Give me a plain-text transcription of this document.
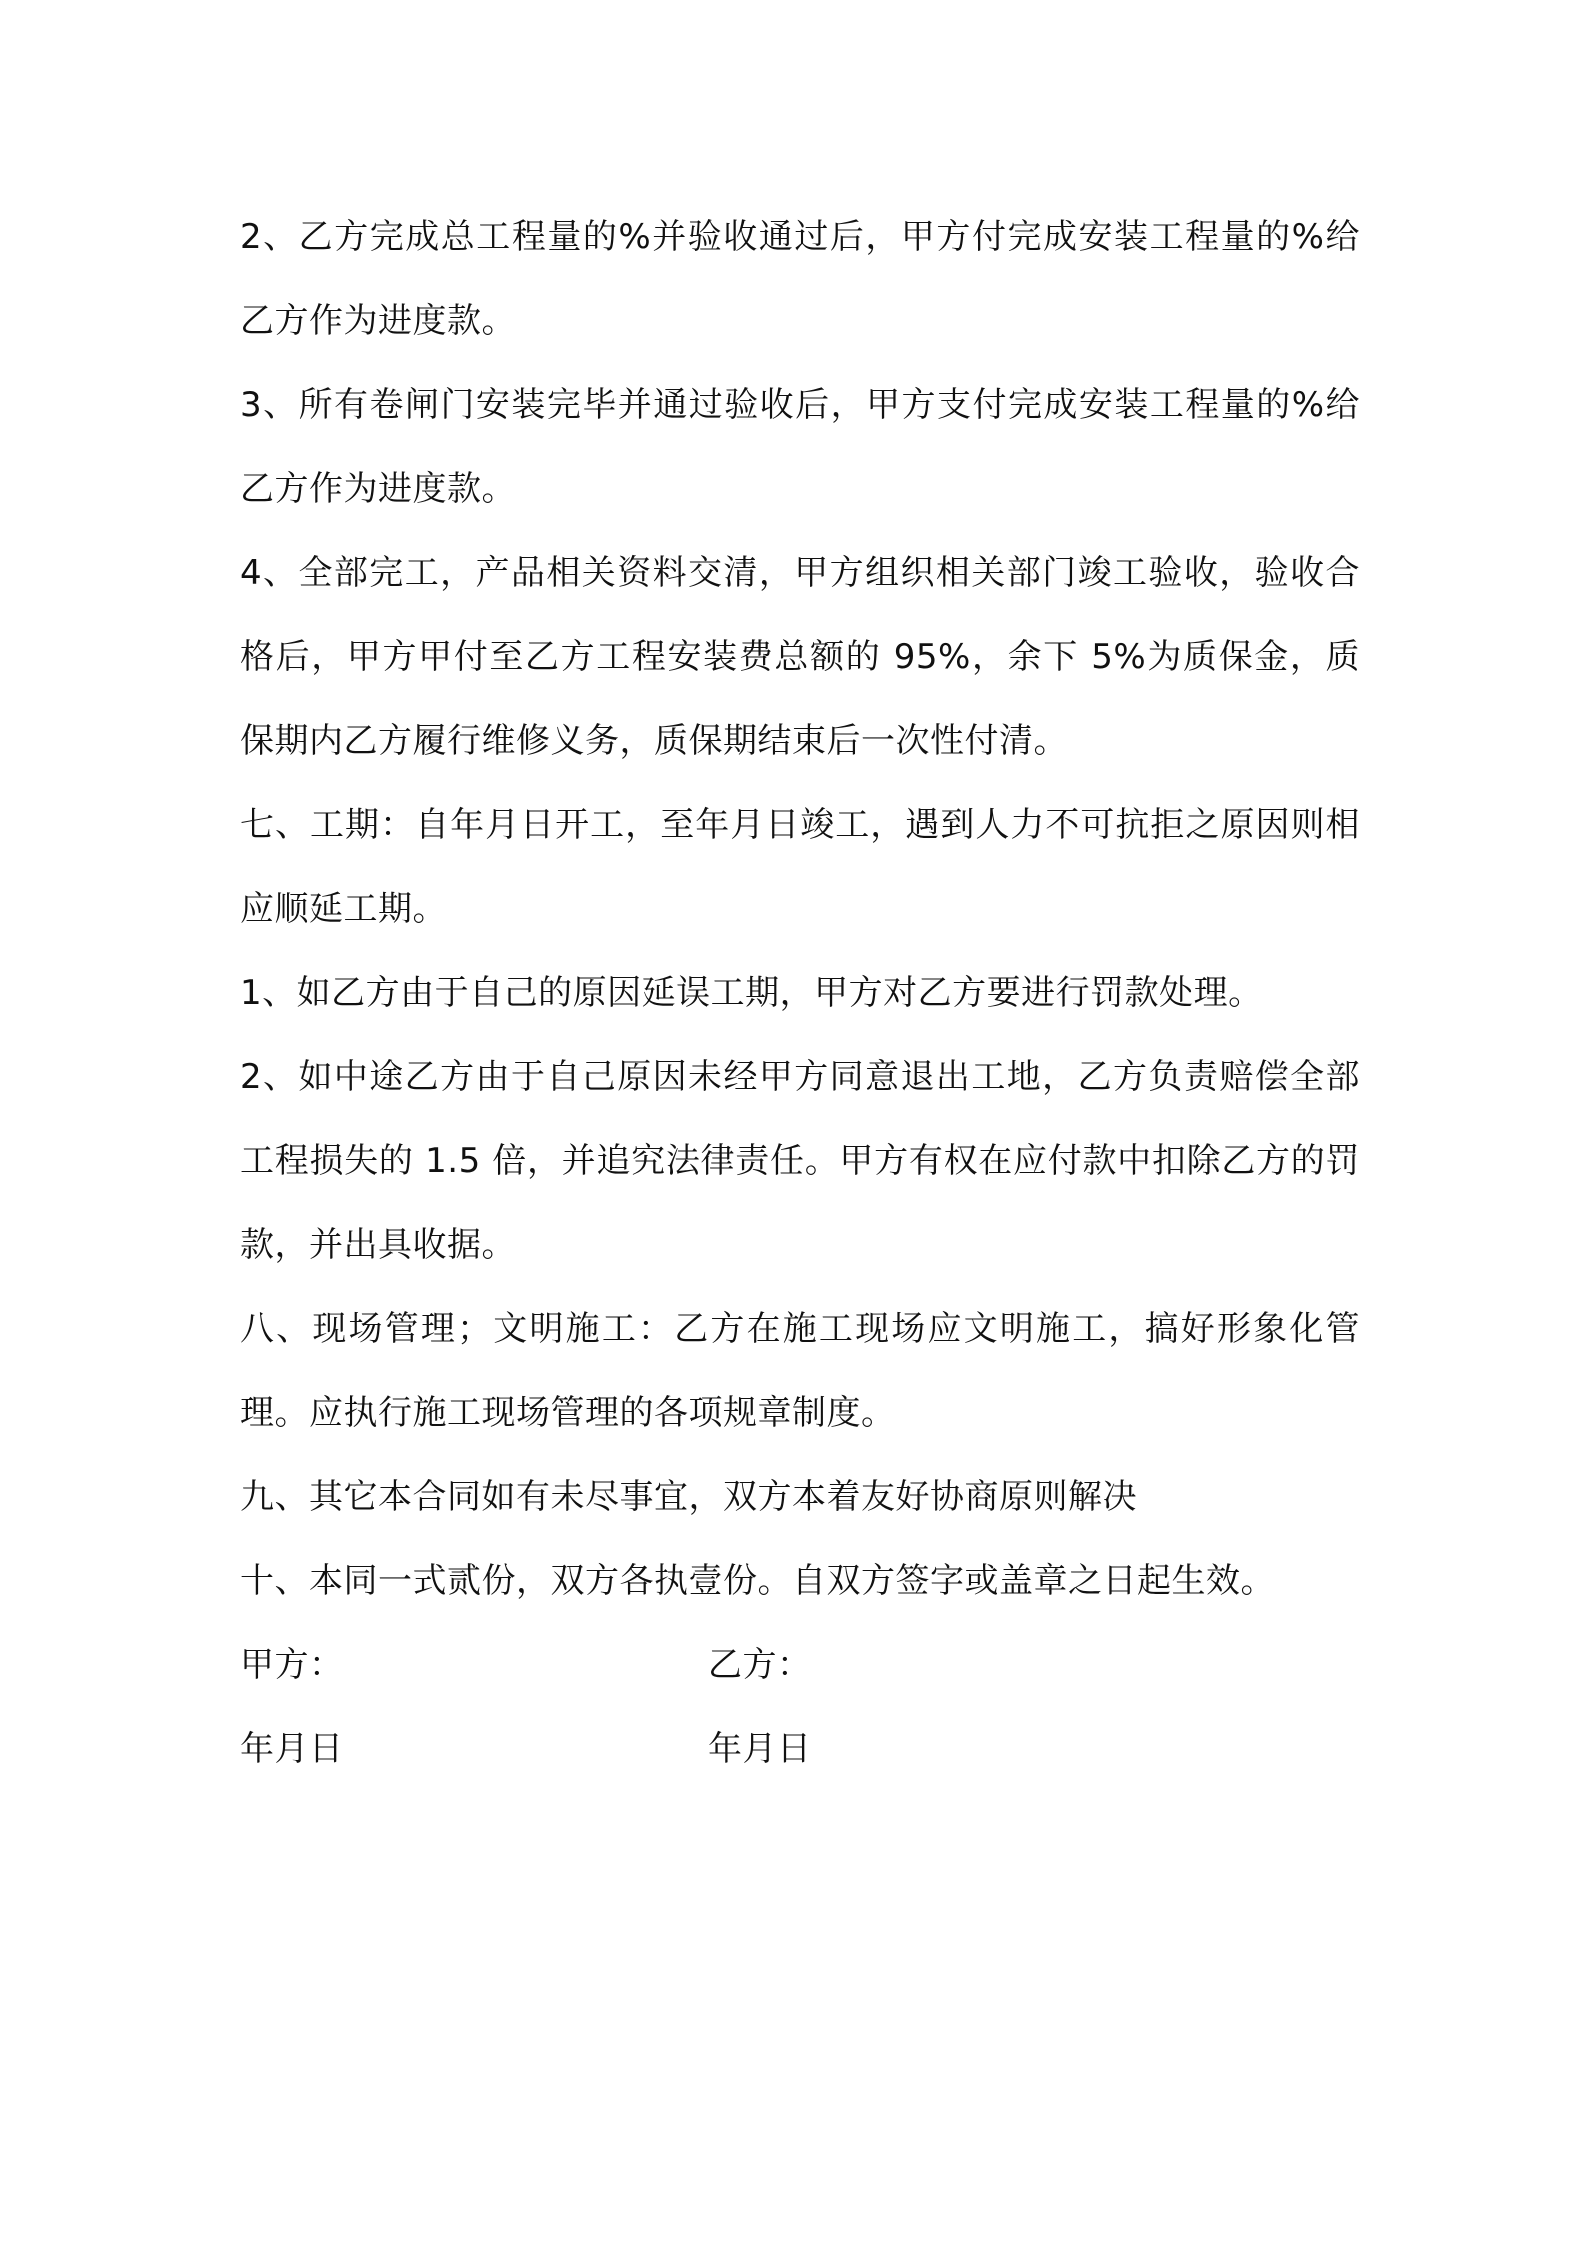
2、乙方完成总工程量的%并验收通过后，甲方付完成安装工程量的%给乙方作为进度款。

3、所有卷闸门安装完毕并通过验收后，甲方支付完成安装工程量的%给乙方作为进度款。

4、全部完工，产品相关资料交清，甲方组织相关部门竣工验收，验收合格后，甲方甲付至乙方工程安装费总额的 95%，余下 5%为质保金，质保期内乙方履行维修义务，质保期结束后一次性付清。

七、工期：自年月日开工，至年月日竣工，遇到人力不可抗拒之原因则相应顺延工期。

1、如乙方由于自己的原因延误工期，甲方对乙方要进行罚款处理。

2、如中途乙方由于自己原因未经甲方同意退出工地，乙方负责赔偿全部工程损失的 1.5 倍，并追究法律责任。甲方有权在应付款中扣除乙方的罚款，并出具收据。

八、现场管理；文明施工：乙方在施工现场应文明施工，搞好形象化管理。应执行施工现场管理的各项规章制度。

九、其它本合同如有未尽事宜，双方本着友好协商原则解决

十、本同一式贰份，双方各执壹份。自双方签字或盖章之日起生效。

甲方：	乙方：
年月日	年月日
